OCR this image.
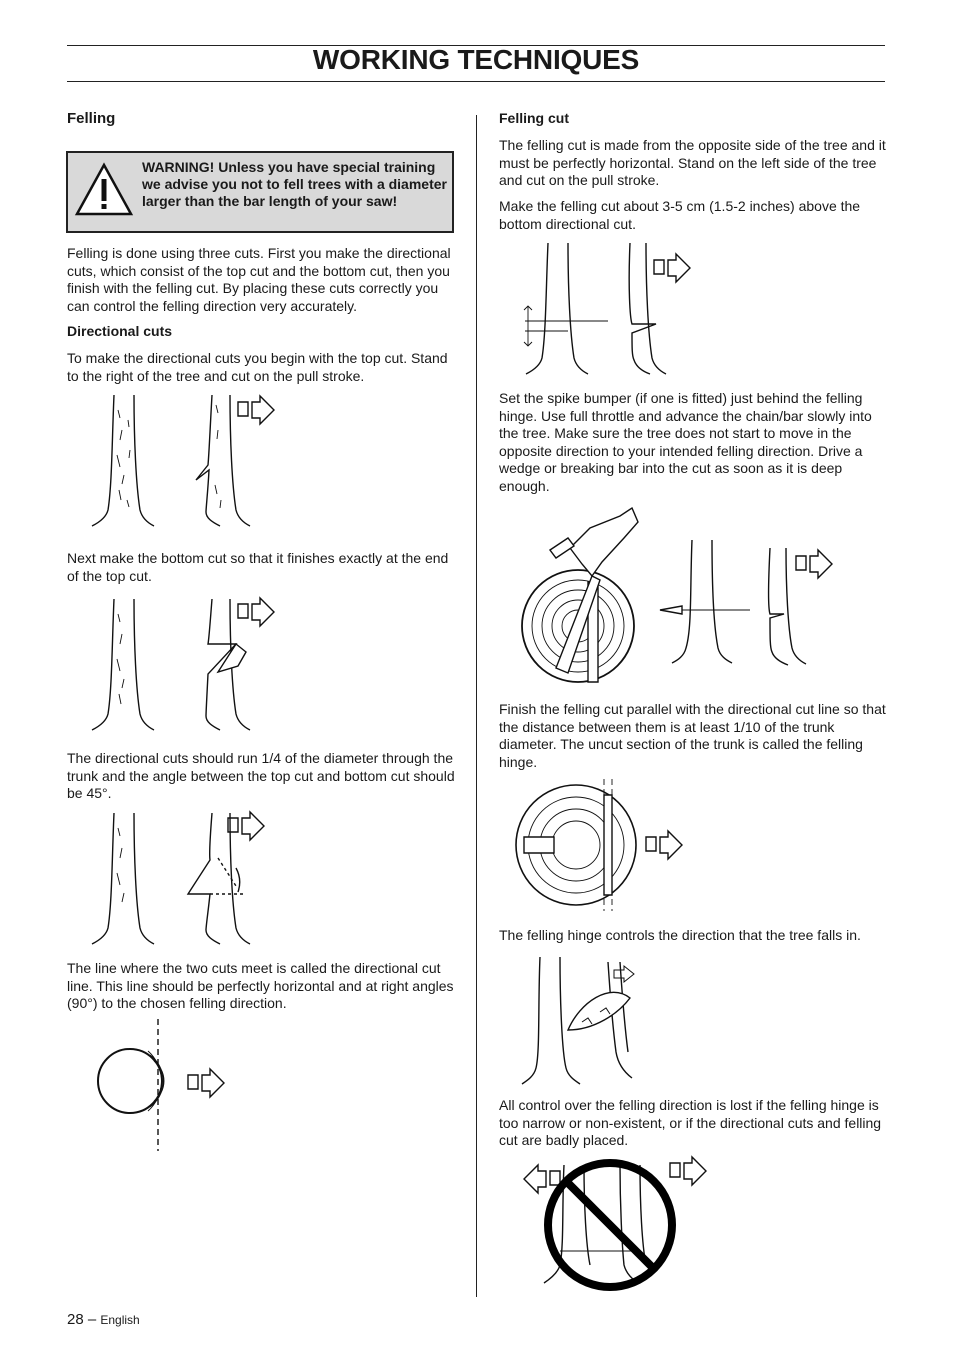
WORKING TECHNIQUES
Felling
WARNING! Unless you have special training we advise you not to fell trees with a diameter larger than the bar length of your saw!
Felling is done using three cuts. First you make the directional cuts, which consist of the top cut and the bottom cut, then you finish with the felling cut. By placing these cuts correctly you can control the felling direction very accurately.
Directional cuts
To make the directional cuts you begin with the top cut. Stand to the right of the tree and cut on the pull stroke.
Next make the bottom cut so that it finishes exactly at the end of the top cut.
The directional cuts should run 1/4 of the diameter through the trunk and the angle between the top cut and bottom cut should be 45°.
The line where the two cuts meet is called the directional cut line. This line should be perfectly horizontal and at right angles (90°) to the chosen felling direction.
Felling cut
The felling cut is made from the opposite side of the tree and it must be perfectly horizontal. Stand on the left side of the tree and cut on the pull stroke.
Make the felling cut about 3-5 cm (1.5-2 inches) above the bottom directional cut.
Set the spike bumper (if one is fitted) just behind the felling hinge. Use full throttle and advance the chain/bar slowly into the tree. Make sure the tree does not start to move in the opposite direction to your intended felling direction. Drive a wedge or breaking bar into the cut as soon as it is deep enough.
Finish the felling cut parallel with the directional cut line so that the distance between them is at least 1/10 of the trunk diameter. The uncut section of the trunk is called the felling hinge.
The felling hinge controls the direction that the tree falls in.
All control over the felling direction is lost if the felling hinge is too narrow or non-existent, or if the directional cuts and felling cut are badly placed.
28 – English
